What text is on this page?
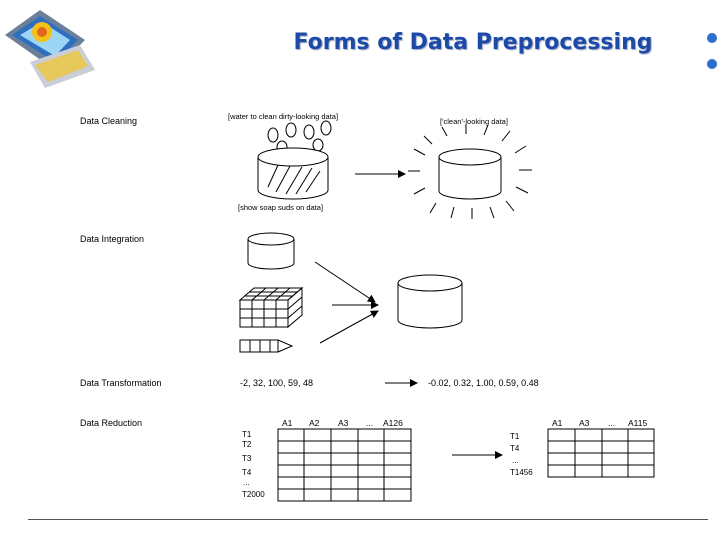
Forms of Data Preprocessing
Data Cleaning	[water to clean dirty-looking data]
[show soap suds on data]
['clean'-looking data]
Data Integration
Data Transformation	-2, 32, 100, 59, 48	-0.02, 0.32, 1.00, 0.59, 0.48
Data Reduction	A1 A2 A3 ... A126
T1
T2
T3
T4
...
T2000
A1 A3 ... A115
T1
T4
...
T1456
